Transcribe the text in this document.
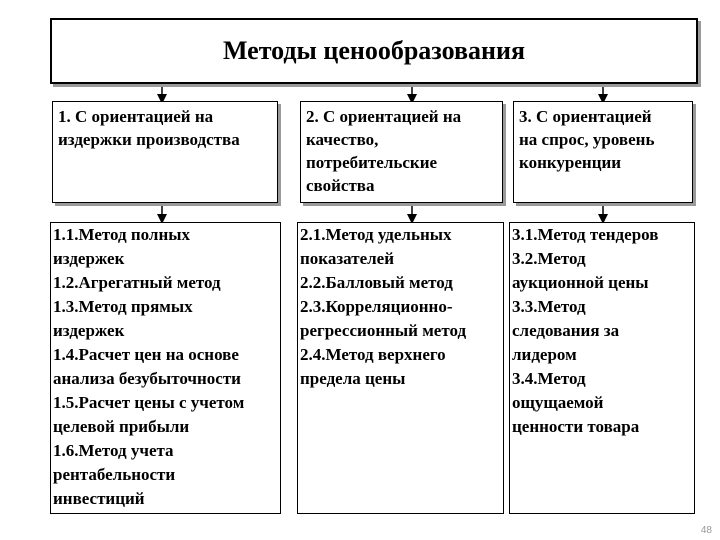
Методы ценообразования
1. С ориентацией на
издержки производства
2. С ориентацией на
качество,
потребительские
свойства
3. С ориентацией
на спрос, уровень
конкуренции
1.1.Метод полных
издержек
1.2.Агрегатный метод
1.3.Метод прямых
издержек
1.4.Расчет цен на основе
анализа безубыточности
1.5.Расчет цены с учетом
целевой прибыли
1.6.Метод учета
рентабельности
инвестиций
2.1.Метод удельных
показателей
2.2.Балловый метод
2.3.Корреляционно-
регрессионный метод
2.4.Метод верхнего
предела цены
3.1.Метод тендеров
3.2.Метод
аукционной цены
3.3.Метод
следования за
лидером
3.4.Метод
ощущаемой
ценности товара
48
